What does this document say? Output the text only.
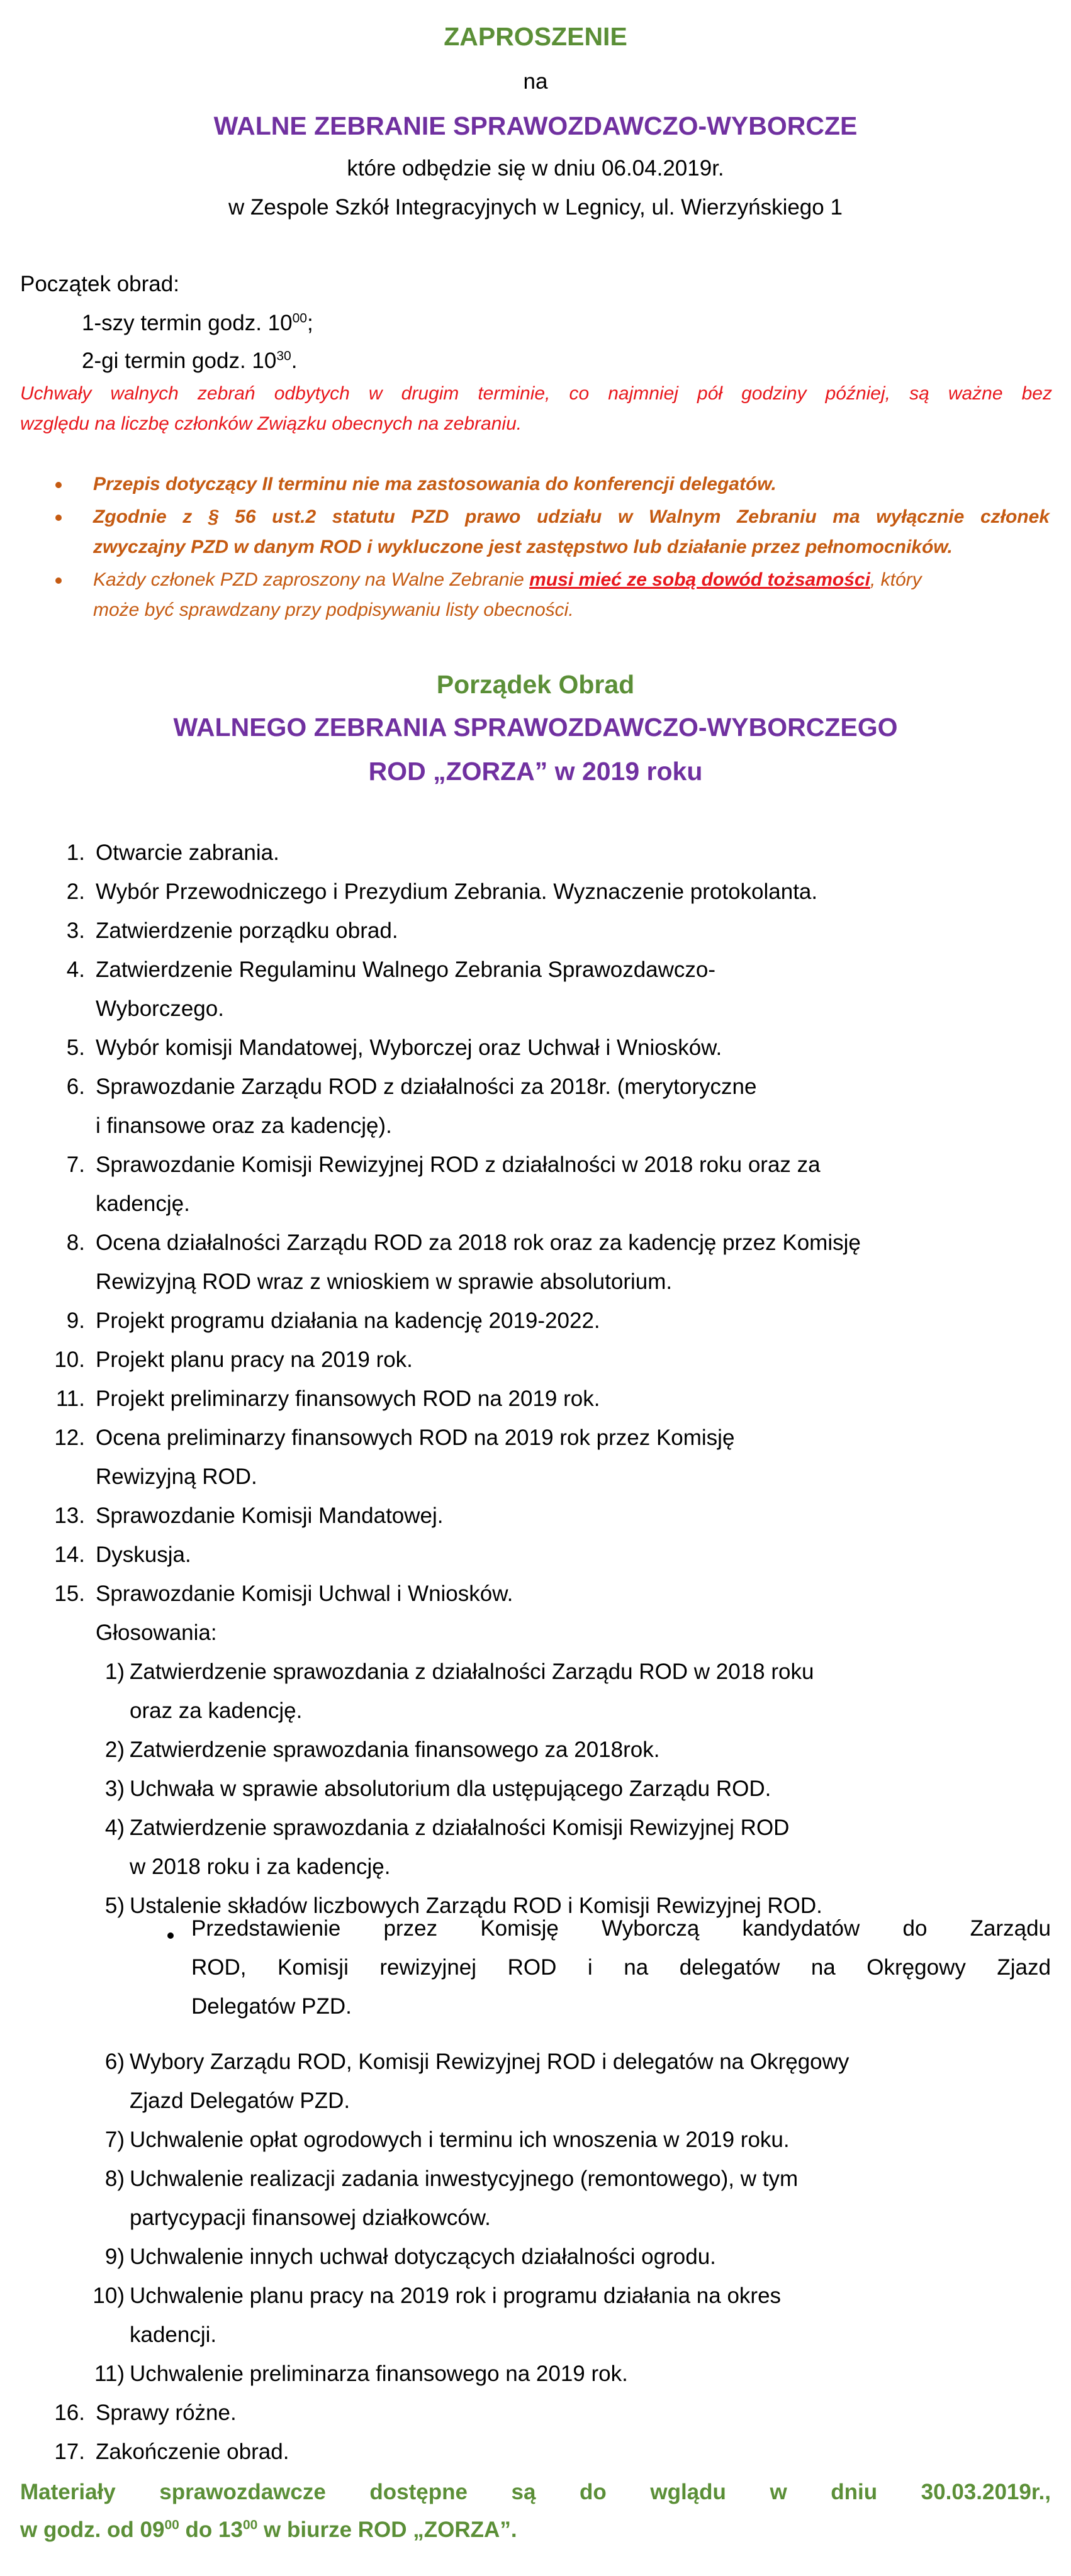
ZAPROSZENIE
na
WALNE ZEBRANIE SPRAWOZDAWCZO-WYBORCZE
które odbędzie się w dniu 06.04.2019r.
w Zespole Szkół Integracyjnych w Legnicy, ul. Wierzyńskiego 1
Początek obrad:
1-szy termin godz. $10^{00}$;
2-gi termin godz. $10^{30}$.
Uchwały walnych zebrań odbytych w drugim terminie, co najmniej pół godziny później, są ważne bez
względu na liczbę członków Związku obecnych na zebraniu.
Przepis dotyczący II terminu nie ma zastosowania do konferencji delegatów.
Zgodnie z § 56 ust.2 statutu PZD prawo udziału w Walnym Zebraniu ma wyłącznie członek
zwyczajny PZD w danym ROD i wykluczone jest zastępstwo lub działanie przez pełnomocników.
Każdy członek PZD zaproszony na Walne Zebranie musi mieć ze sobą dowód tożsamości, który
może być sprawdzany przy podpisywaniu listy obecności.
Porządek Obrad
WALNEGO ZEBRANIA SPRAWOZDAWCZO-WYBORCZEGO
ROD „ZORZA” w 2019 roku
1. Otwarcie zabrania.
2. Wybór Przewodniczego i Prezydium Zebrania. Wyznaczenie protokolanta.
3. Zatwierdzenie porządku obrad.
4. Zatwierdzenie Regulaminu Walnego Zebrania Sprawozdawczo-
Wyborczego.
5. Wybór komisji Mandatowej, Wyborczej oraz Uchwał i Wniosków.
6. Sprawozdanie Zarządu ROD z działalności za 2018r. (merytoryczne
i finansowe oraz za kadencję).
7. Sprawozdanie Komisji Rewizyjnej ROD z działalności w 2018 roku oraz za
kadencję.
8. Ocena działalności Zarządu ROD za 2018 rok oraz za kadencję przez Komisję
Rewizyjną ROD wraz z wnioskiem w sprawie absolutorium.
9. Projekt programu działania na kadencję 2019-2022.
10. Projekt planu pracy na 2019 rok.
11. Projekt preliminarzy finansowych ROD na 2019 rok.
12. Ocena preliminarzy finansowych ROD na 2019 rok przez Komisję
Rewizyjną ROD.
13. Sprawozdanie Komisji Mandatowej.
14. Dyskusja.
15. Sprawozdanie Komisji Uchwal i Wniosków.
Głosowania:
1) Zatwierdzenie sprawozdania z działalności Zarządu ROD w 2018 roku
oraz za kadencję.
2) Zatwierdzenie sprawozdania finansowego za 2018rok.
3) Uchwała w sprawie absolutorium dla ustępującego Zarządu ROD.
4) Zatwierdzenie sprawozdania z działalności Komisji Rewizyjnej ROD
w 2018 roku i za kadencję.
5) Ustalenie składów liczbowych Zarządu ROD i Komisji Rewizyjnej ROD.
6) Wybory Zarządu ROD, Komisji Rewizyjnej ROD i delegatów na Okręgowy
Zjazd Delegatów PZD.
7) Uchwalenie opłat ogrodowych i terminu ich wnoszenia w 2019 roku.
8) Uchwalenie realizacji zadania inwestycyjnego (remontowego), w tym
partycypacji finansowej działkowców.
9) Uchwalenie innych uchwał dotyczących działalności ogrodu.
10) Uchwalenie planu pracy na 2019 rok i programu działania na okres
kadencji.
11) Uchwalenie preliminarza finansowego na 2019 rok.
16. Sprawy różne.
17. Zakończenie obrad.
Przedstawienie przez Komisję Wyborczą kandydatów do Zarządu
ROD, Komisji rewizyjnej ROD i na delegatów na Okręgowy Zjazd
Delegatów PZD.
Materiały sprawozdawcze dostępne są do wglądu w dniu 30.03.2019r.,
w godz. od $09^{00}$ do $13^{00}$ w biurze ROD „ZORZA”.
